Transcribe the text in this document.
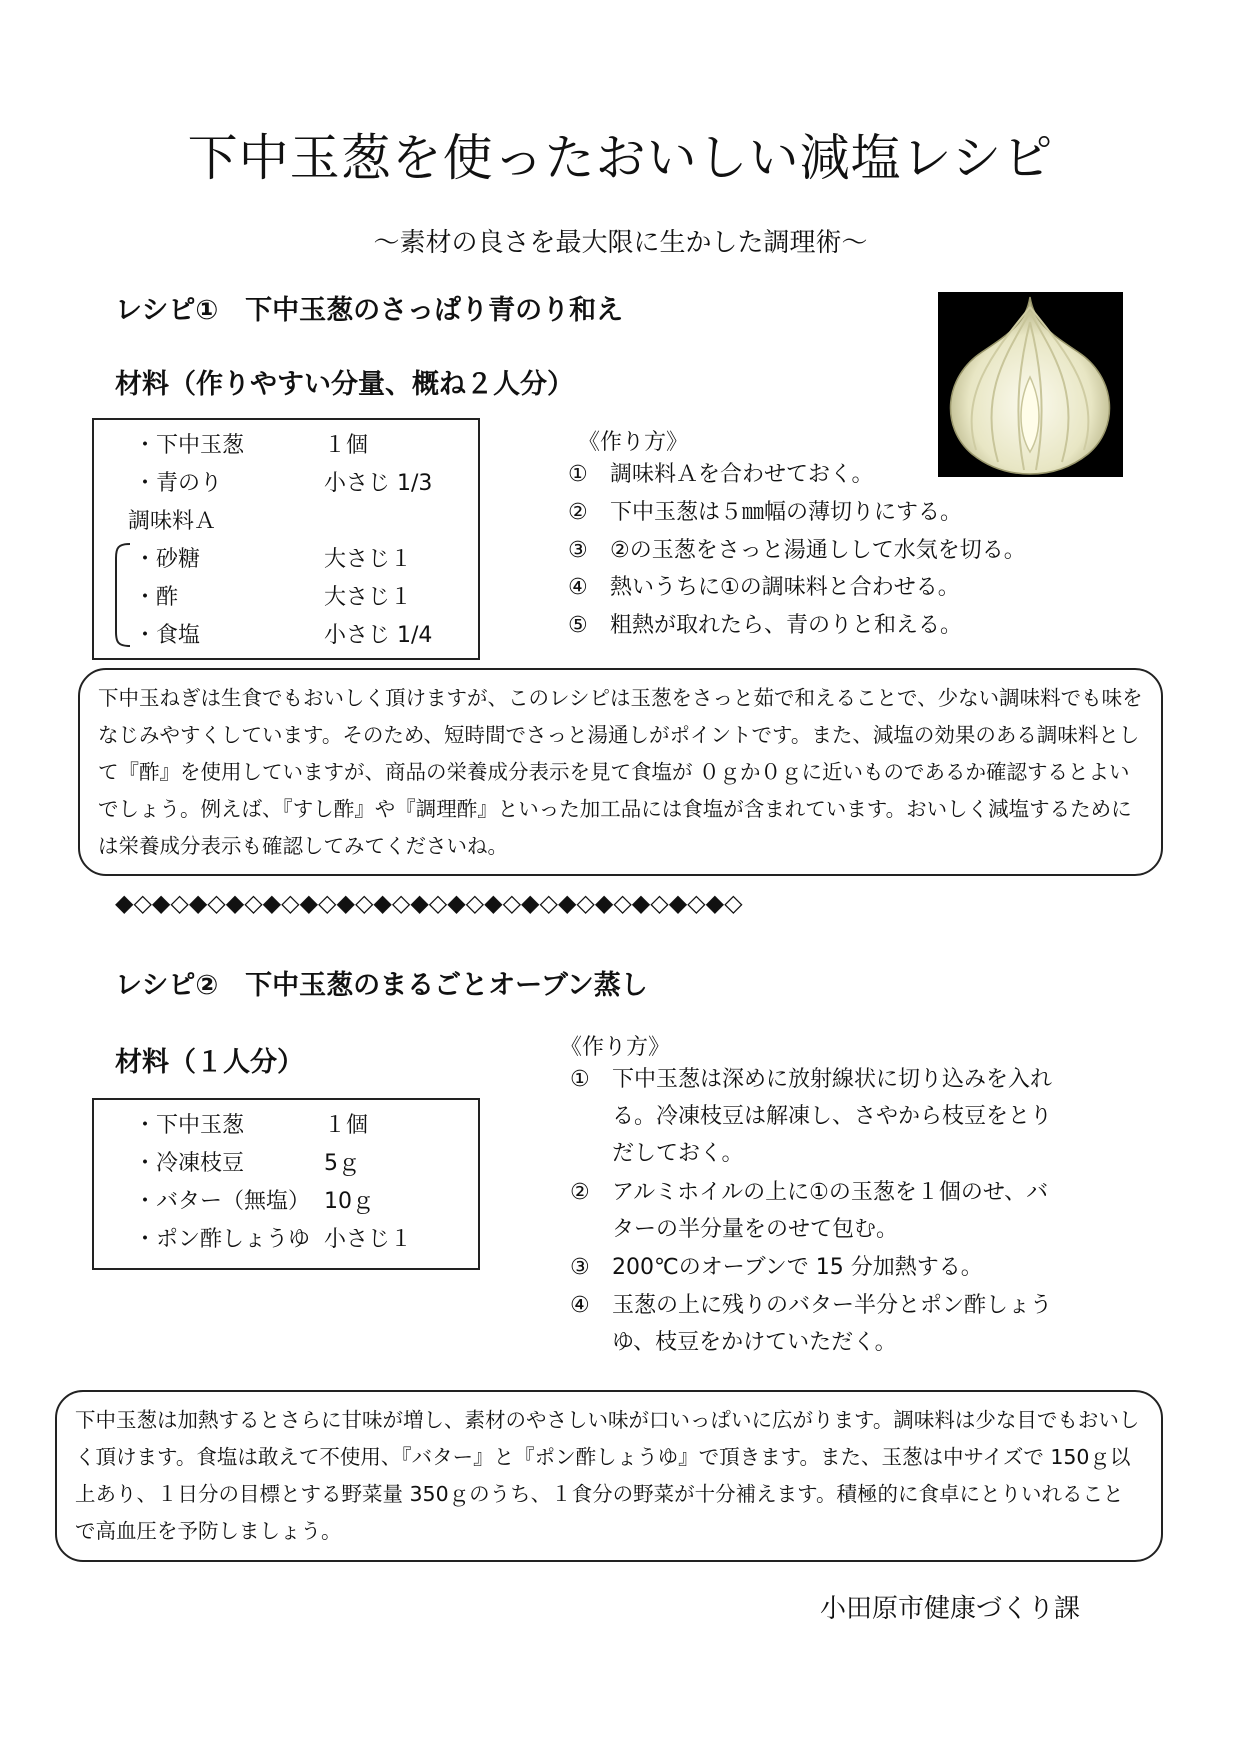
下中玉葱を使ったおいしい減塩レシピ
～素材の良さを最大限に生かした調理術～
レシピ①　下中玉葱のさっぱり青のり和え
材料（作りやすい分量、概ね２人分）
・下中玉葱	１個
・青のり	小さじ 1/3
調味料Ａ
・砂糖	大さじ１
・酢	大さじ１
・食塩	小さじ 1/4
《作り方》
① 調味料Ａを合わせておく。
② 下中玉葱は５㎜幅の薄切りにする。
③ ②の玉葱をさっと湯通しして水気を切る。
④ 熱いうちに①の調味料と合わせる。
⑤ 粗熱が取れたら、青のりと和える。
下中玉ねぎは生食でもおいしく頂けますが、このレシピは玉葱をさっと茹で和えることで、少ない調味料でも味をなじみやすくしています。そのため、短時間でさっと湯通しがポイントです。また、減塩の効果のある調味料として『酢』を使用していますが、商品の栄養成分表示を見て食塩が ０ｇか０ｇに近いものであるか確認するとよいでしょう。例えば、『すし酢』や『調理酢』といった加工品には食塩が含まれています。おいしく減塩するためには栄養成分表示も確認してみてくださいね。
◆◇◆◇◆◇◆◇◆◇◆◇◆◇◆◇◆◇◆◇◆◇◆◇◆◇◆◇◆◇◆◇◆◇
レシピ②　下中玉葱のまるごとオーブン蒸し
材料（１人分）
・下中玉葱	１個
・冷凍枝豆	5ｇ
・バター（無塩） 10ｇ
・ポン酢しょうゆ 小さじ１
《作り方》
① 下中玉葱は深めに放射線状に切り込みを入れ
る。冷凍枝豆は解凍し、さやから枝豆をとり
だしておく。
② アルミホイルの上に①の玉葱を１個のせ、バ
ターの半分量をのせて包む。
③ 200℃のオーブンで 15 分加熱する。
④ 玉葱の上に残りのバター半分とポン酢しょう
ゆ、枝豆をかけていただく。
下中玉葱は加熱するとさらに甘味が増し、素材のやさしい味が口いっぱいに広がります。調味料は少な目でもおいしく頂けます。食塩は敢えて不使用、『バター』と『ポン酢しょうゆ』で頂きます。また、玉葱は中サイズで 150ｇ以上あり、１日分の目標とする野菜量 350ｇのうち、１食分の野菜が十分補えます。積極的に食卓にとりいれることで高血圧を予防しましょう。
小田原市健康づくり課
